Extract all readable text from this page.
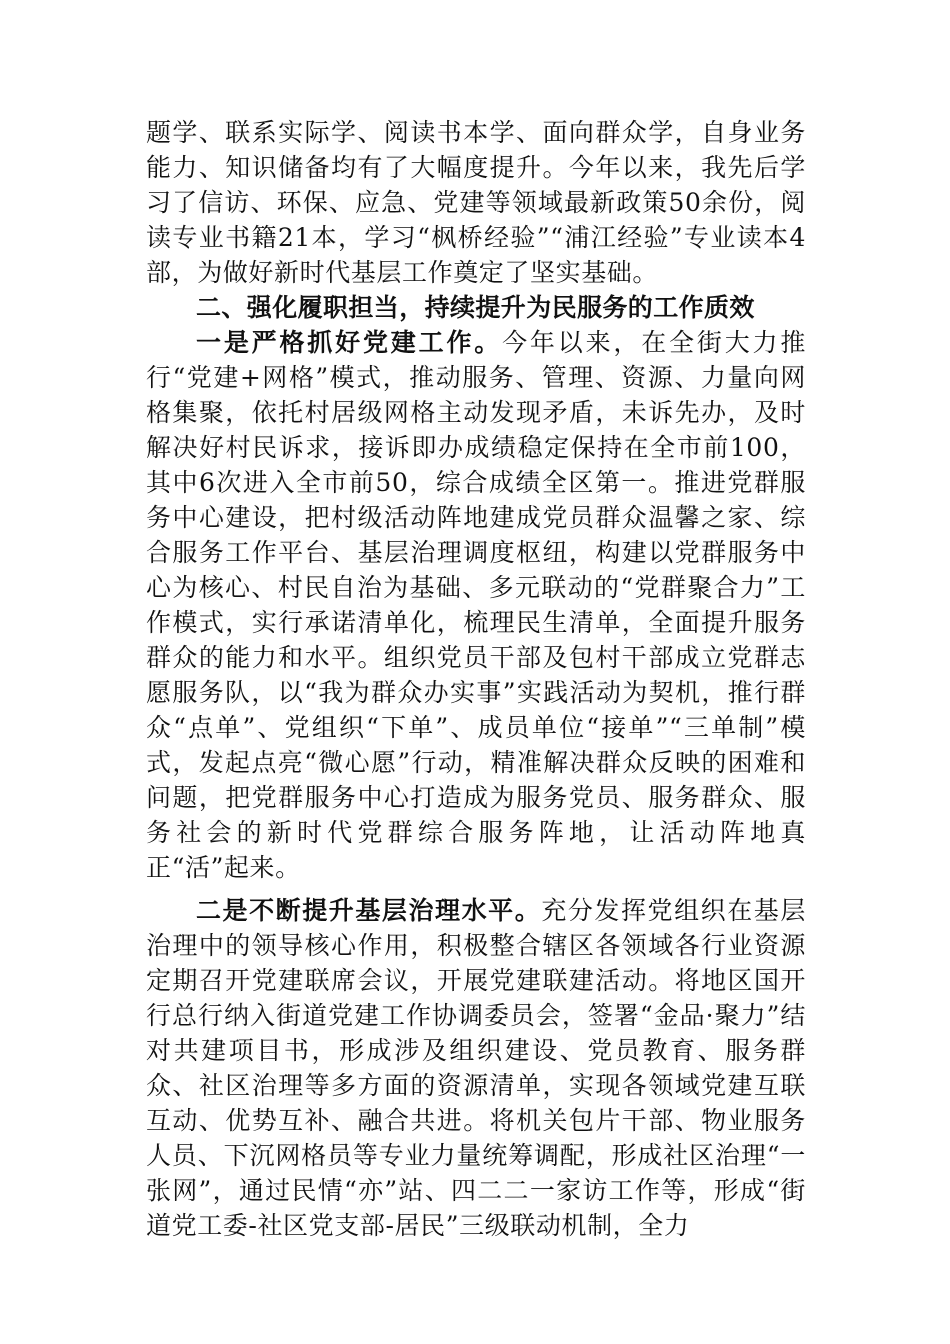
题学、联系实际学、阅读书本学、面向群众学，自身业务能力、知识储备均有了大幅度提升。今年以来，我先后学习了信访、环保、应急、党建等领域最新政策50余份，阅读专业书籍21本，学习“枫桥经验”“浦江经验”专业读本4部，为做好新时代基层工作奠定了坚实基础。

二、强化履职担当，持续提升为民服务的工作质效

一是严格抓好党建工作。今年以来，在全街大力推行“党建+网格”模式，推动服务、管理、资源、力量向网格集聚，依托村居级网格主动发现矛盾，未诉先办，及时解决好村民诉求，接诉即办成绩稳定保持在全市前100，其中6次进入全市前50，综合成绩全区第一。推进党群服务中心建设，把村级活动阵地建成党员群众温馨之家、综合服务工作平台、基层治理调度枢纽，构建以党群服务中心为核心、村民自治为基础、多元联动的“党群聚合力”工作模式，实行承诺清单化，梳理民生清单，全面提升服务群众的能力和水平。组织党员干部及包村干部成立党群志愿服务队，以“我为群众办实事”实践活动为契机，推行群众“点单”、党组织“下单”、成员单位“接单”“三单制”模式，发起点亮“微心愿”行动，精准解决群众反映的困难和问题，把党群服务中心打造成为服务党员、服务群众、服务社会的新时代党群综合服务阵地，让活动阵地真正“活”起来。

二是不断提升基层治理水平。充分发挥党组织在基层治理中的领导核心作用，积极整合辖区各领域各行业资源定期召开党建联席会议，开展党建联建活动。将地区国开行总行纳入街道党建工作协调委员会，签署“金品·聚力”结对共建项目书，形成涉及组织建设、党员教育、服务群众、社区治理等多方面的资源清单，实现各领域党建互联互动、优势互补、融合共进。将机关包片干部、物业服务人员、下沉网格员等专业力量统筹调配，形成社区治理“一张网”，通过民情“亦”站、四二二一家访工作等，形成“街道党工委-社区党支部-居民”三级联动机制，全力
